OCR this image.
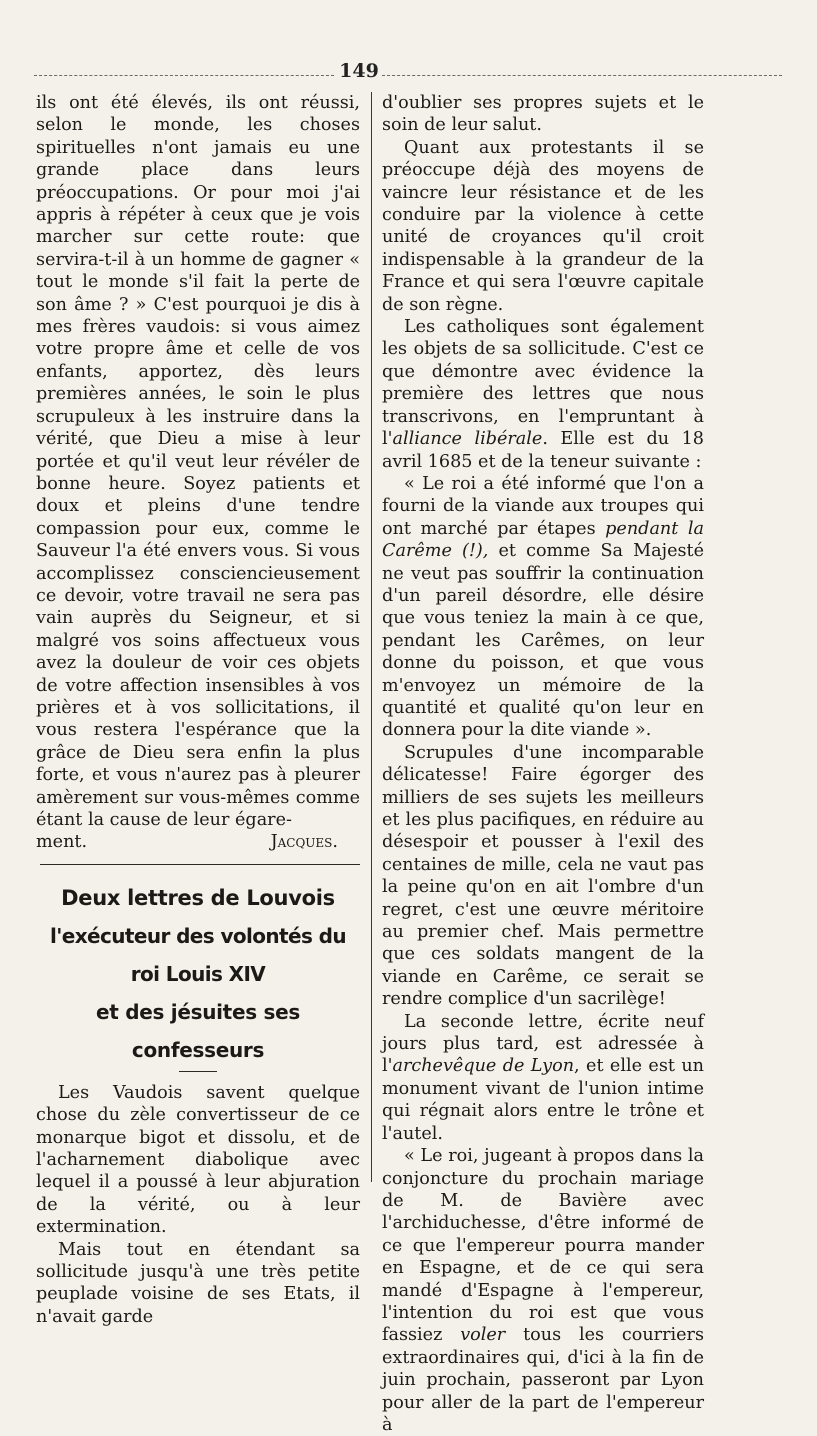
149

ils ont été élevés, ils ont réussi, selon le monde, les choses spirituelles n'ont jamais eu une grande place dans leurs préoccupations. Or pour moi j'ai appris à répéter à ceux que je vois marcher sur cette route: que servira-t-il à un homme de gagner « tout le monde s'il fait la perte de son âme ? » C'est pourquoi je dis à mes frères vaudois: si vous aimez votre propre âme et celle de vos enfants, apportez, dès leurs premières années, le soin le plus scrupuleux à les instruire dans la vérité, que Dieu a mise à leur portée et qu'il veut leur révéler de bonne heure. Soyez patients et doux et pleins d'une tendre compassion pour eux, comme le Sauveur l'a été envers vous. Si vous accomplissez consciencieusement ce devoir, votre travail ne sera pas vain auprès du Seigneur, et si malgré vos soins affectueux vous avez la douleur de voir ces objets de votre affection insensibles à vos prières et à vos sollicitations, il vous restera l'espérance que la grâce de Dieu sera enfin la plus forte, et vous n'aurez pas à pleurer amèrement sur vous-mêmes comme étant la cause de leur égare-

ment.	Jacques.
Deux lettres de Louvois
l'exécuteur des volontés du roi Louis XIV
et des jésuites ses confesseurs

Les Vaudois savent quelque chose du zèle convertisseur de ce monarque bigot et dissolu, et de l'acharnement diabolique avec lequel il a poussé à leur abjuration de la vérité, ou à leur extermination.

Mais tout en étendant sa sollicitude jusqu'à une très petite peuplade voisine de ses Etats, il n'avait garde

d'oublier ses propres sujets et le soin de leur salut.

Quant aux protestants il se préoccupe déjà des moyens de vaincre leur résistance et de les conduire par la violence à cette unité de croyances qu'il croit indispensable à la grandeur de la France et qui sera l'œuvre capitale de son règne.

Les catholiques sont également les objets de sa sollicitude. C'est ce que démontre avec évidence la première des lettres que nous transcrivons, en l'empruntant à l'alliance libérale. Elle est du 18 avril 1685 et de la teneur suivante :

« Le roi a été informé que l'on a fourni de la viande aux troupes qui ont marché par étapes pendant la Carême (!), et comme Sa Majesté ne veut pas souffrir la continuation d'un pareil désordre, elle désire que vous teniez la main à ce que, pendant les Carêmes, on leur donne du poisson, et que vous m'envoyez un mémoire de la quantité et qualité qu'on leur en donnera pour la dite viande ».

Scrupules d'une incomparable délicatesse! Faire égorger des milliers de ses sujets les meilleurs et les plus pacifiques, en réduire au désespoir et pousser à l'exil des centaines de mille, cela ne vaut pas la peine qu'on en ait l'ombre d'un regret, c'est une œuvre méritoire au premier chef. Mais permettre que ces soldats mangent de la viande en Carême, ce serait se rendre complice d'un sacrilège!

La seconde lettre, écrite neuf jours plus tard, est adressée à l'archevêque de Lyon, et elle est un monument vivant de l'union intime qui régnait alors entre le trône et l'autel.

« Le roi, jugeant à propos dans la conjoncture du prochain mariage de M. de Bavière avec l'archiduchesse, d'être informé de ce que l'empereur pourra mander en Espagne, et de ce qui sera mandé d'Espagne à l'empereur, l'intention du roi est que vous fassiez voler tous les courriers extraordinaires qui, d'ici à la fin de juin prochain, passeront par Lyon pour aller de la part de l'empereur à
